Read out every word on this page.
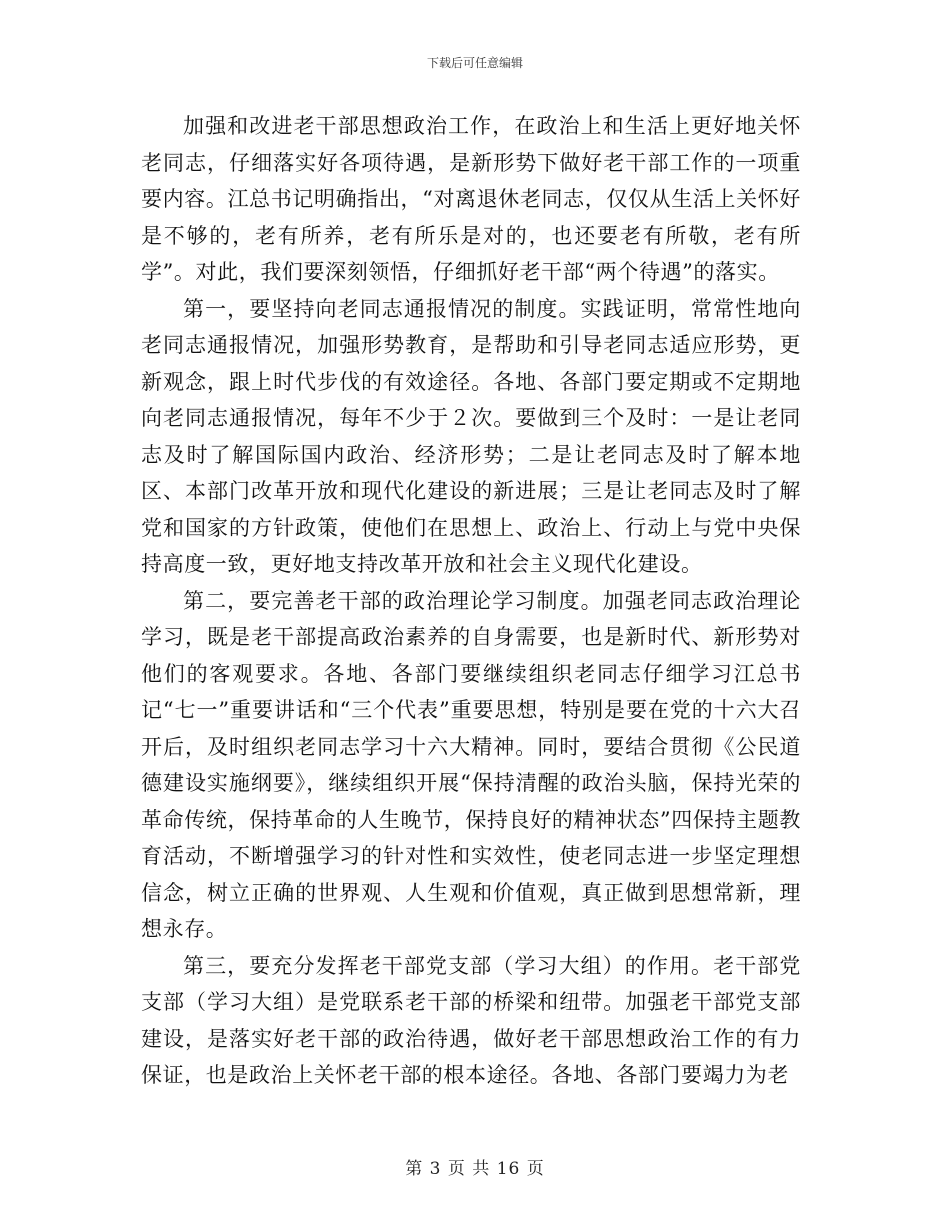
下载后可任意编辑

加强和改进老干部思想政治工作，在政治上和生活上更好地关怀老同志，仔细落实好各项待遇，是新形势下做好老干部工作的一项重要内容。江总书记明确指出，“对离退休老同志，仅仅从生活上关怀好是不够的，老有所养，老有所乐是对的，也还要老有所敬，老有所学”。对此，我们要深刻领悟，仔细抓好老干部“两个待遇”的落实。

第一，要坚持向老同志通报情况的制度。实践证明，常常性地向老同志通报情况，加强形势教育，是帮助和引导老同志适应形势，更新观念，跟上时代步伐的有效途径。各地、各部门要定期或不定期地向老同志通报情况，每年不少于２次。要做到三个及时：一是让老同志及时了解国际国内政治、经济形势；二是让老同志及时了解本地区、本部门改革开放和现代化建设的新进展；三是让老同志及时了解党和国家的方针政策，使他们在思想上、政治上、行动上与党中央保持高度一致，更好地支持改革开放和社会主义现代化建设。

第二，要完善老干部的政治理论学习制度。加强老同志政治理论学习，既是老干部提高政治素养的自身需要，也是新时代、新形势对他们的客观要求。各地、各部门要继续组织老同志仔细学习江总书记“七一”重要讲话和“三个代表”重要思想，特别是要在党的十六大召开后，及时组织老同志学习十六大精神。同时，要结合贯彻《公民道德建设实施纲要》，继续组织开展“保持清醒的政治头脑，保持光荣的革命传统，保持革命的人生晚节，保持良好的精神状态”四保持主题教育活动，不断增强学习的针对性和实效性，使老同志进一步坚定理想信念，树立正确的世界观、人生观和价值观，真正做到思想常新，理想永存。

第三，要充分发挥老干部党支部（学习大组）的作用。老干部党支部（学习大组）是党联系老干部的桥梁和纽带。加强老干部党支部建设，是落实好老干部的政治待遇，做好老干部思想政治工作的有力保证，也是政治上关怀老干部的根本途径。各地、各部门要竭力为老

第 3 页 共 16 页
